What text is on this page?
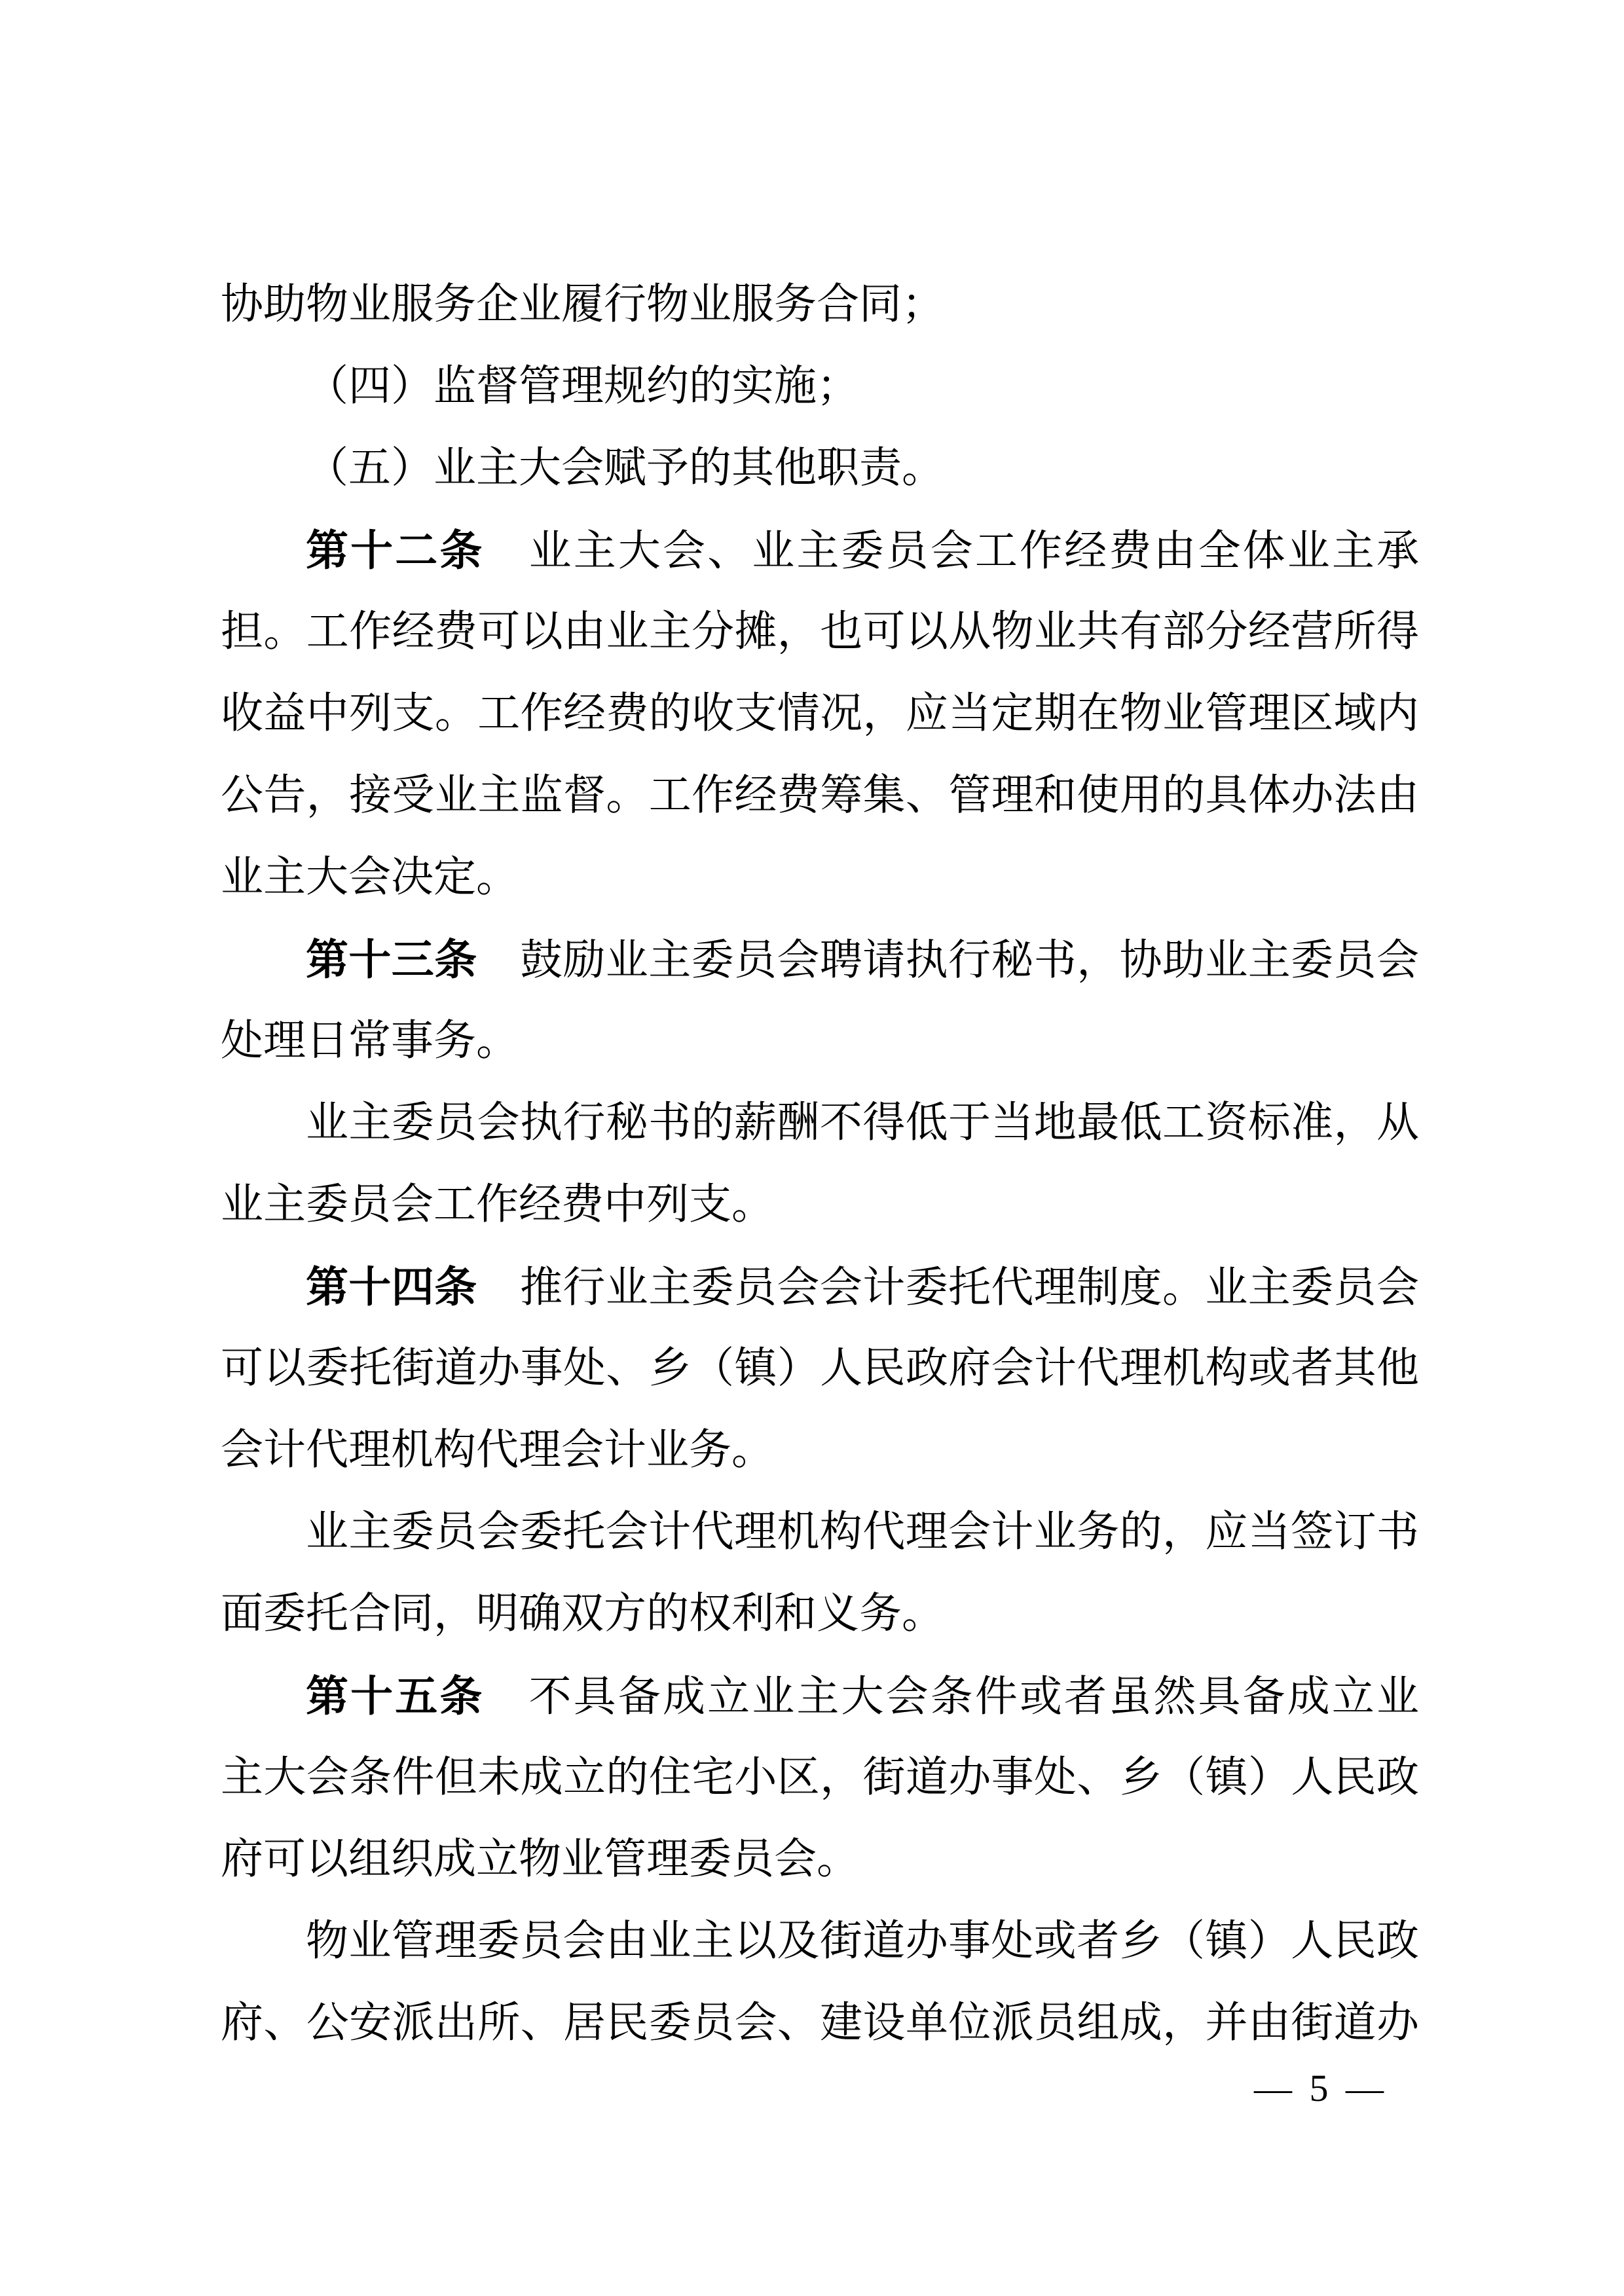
协助物业服务企业履行物业服务合同；
（四）监督管理规约的实施；
（五）业主大会赋予的其他职责。
第十二条　业主大会、业主委员会工作经费由全体业主承
担。工作经费可以由业主分摊，也可以从物业共有部分经营所得
收益中列支。工作经费的收支情况，应当定期在物业管理区域内
公告，接受业主监督。工作经费筹集、管理和使用的具体办法由
业主大会决定。
第十三条　鼓励业主委员会聘请执行秘书，协助业主委员会
处理日常事务。
业主委员会执行秘书的薪酬不得低于当地最低工资标准，从
业主委员会工作经费中列支。
第十四条　推行业主委员会会计委托代理制度。业主委员会
可以委托街道办事处、乡（镇）人民政府会计代理机构或者其他
会计代理机构代理会计业务。
业主委员会委托会计代理机构代理会计业务的，应当签订书
面委托合同，明确双方的权利和义务。
第十五条　不具备成立业主大会条件或者虽然具备成立业
主大会条件但未成立的住宅小区，街道办事处、乡（镇）人民政
府可以组织成立物业管理委员会。
物业管理委员会由业主以及街道办事处或者乡（镇）人民政
府、公安派出所、居民委员会、建设单位派员组成，并由街道办
— 5 —
